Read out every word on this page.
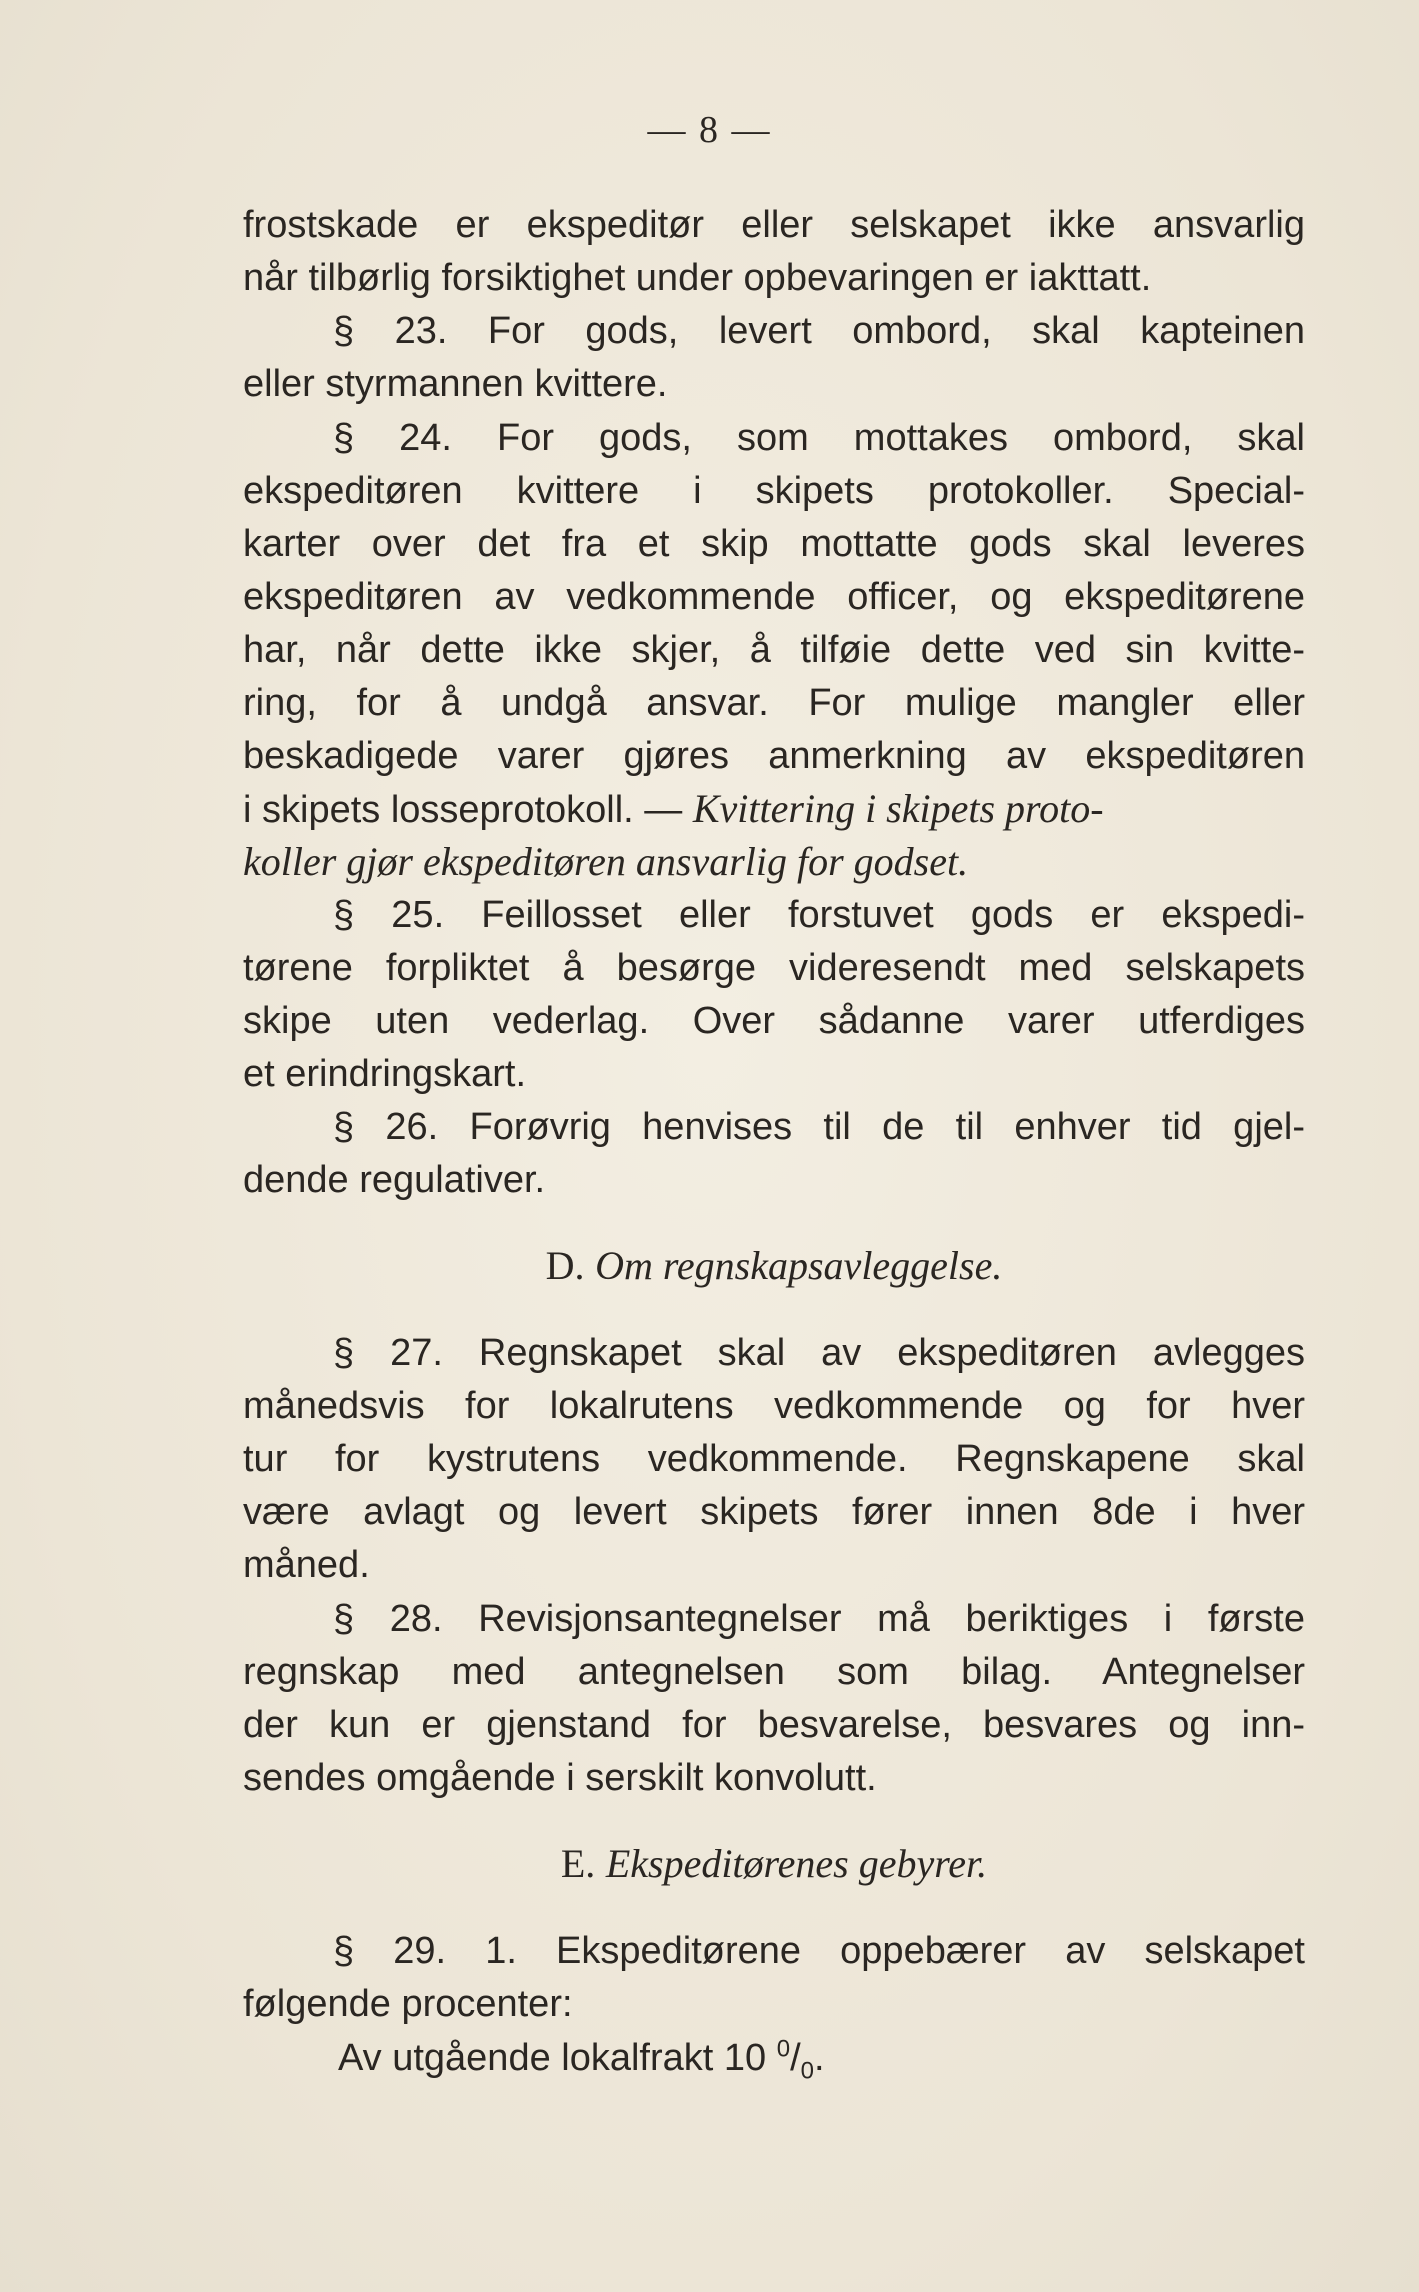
— 8 —
frostskade er ekspeditør eller selskapet ikke ansvarlig
når tilbørlig forsiktighet under opbevaringen er iakttatt.
§ 23. For gods, levert ombord, skal kapteinen
eller styrmannen kvittere.
§ 24. For gods, som mottakes ombord, skal
ekspeditøren kvittere i skipets protokoller. Special-
karter over det fra et skip mottatte gods skal leveres
ekspeditøren av vedkommende officer, og ekspeditørene
har, når dette ikke skjer, å tilføie dette ved sin kvitte-
ring, for å undgå ansvar. For mulige mangler eller
beskadigede varer gjøres anmerkning av ekspeditøren
i skipets losseprotokoll. — Kvittering i skipets proto-
koller gjør ekspeditøren ansvarlig for godset.
§ 25. Feillosset eller forstuvet gods er ekspedi-
tørene forpliktet å besørge videresendt med selskapets
skipe uten vederlag. Over sådanne varer utferdiges
et erindringskart.
§ 26. Forøvrig henvises til de til enhver tid gjel-
dende regulativer.
D. Om regnskapsavleggelse.
§ 27. Regnskapet skal av ekspeditøren avlegges
månedsvis for lokalrutens vedkommende og for hver
tur for kystrutens vedkommende. Regnskapene skal
være avlagt og levert skipets fører innen 8de i hver
måned.
§ 28. Revisjonsantegnelser må beriktiges i første
regnskap med antegnelsen som bilag. Antegnelser
der kun er gjenstand for besvarelse, besvares og inn-
sendes omgående i serskilt konvolutt.
E. Ekspeditørenes gebyrer.
§ 29. 1. Ekspeditørene oppebærer av selskapet
følgende procenter:
Av utgående lokalfrakt 10 $^0/_0$.
